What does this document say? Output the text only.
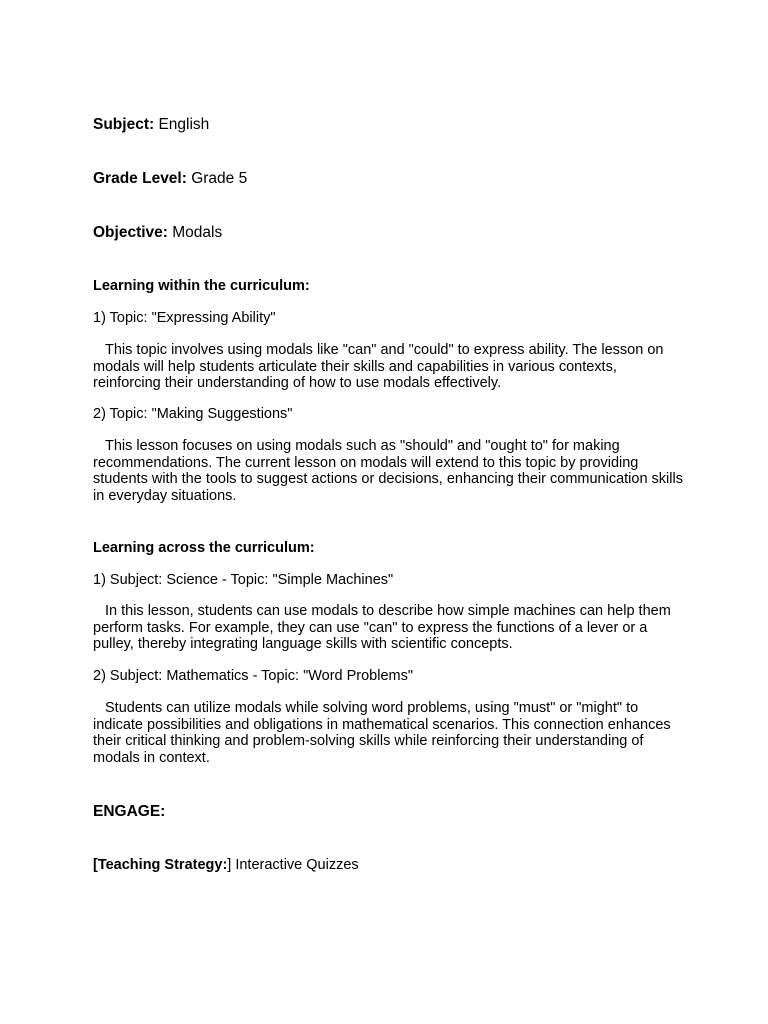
Subject: English
Grade Level: Grade 5
Objective: Modals
Learning within the curriculum:
1) Topic: "Expressing Ability"
This topic involves using modals like "can" and "could" to express ability. The lesson on modals will help students articulate their skills and capabilities in various contexts, reinforcing their understanding of how to use modals effectively.
2) Topic: "Making Suggestions"
This lesson focuses on using modals such as "should" and "ought to" for making recommendations. The current lesson on modals will extend to this topic by providing students with the tools to suggest actions or decisions, enhancing their communication skills in everyday situations.
Learning across the curriculum:
1) Subject: Science - Topic: "Simple Machines"
In this lesson, students can use modals to describe how simple machines can help them perform tasks. For example, they can use "can" to express the functions of a lever or a pulley, thereby integrating language skills with scientific concepts.
2) Subject: Mathematics - Topic: "Word Problems"
Students can utilize modals while solving word problems, using "must" or "might" to indicate possibilities and obligations in mathematical scenarios. This connection enhances their critical thinking and problem-solving skills while reinforcing their understanding of modals in context.
ENGAGE:
[Teaching Strategy:] Interactive Quizzes
